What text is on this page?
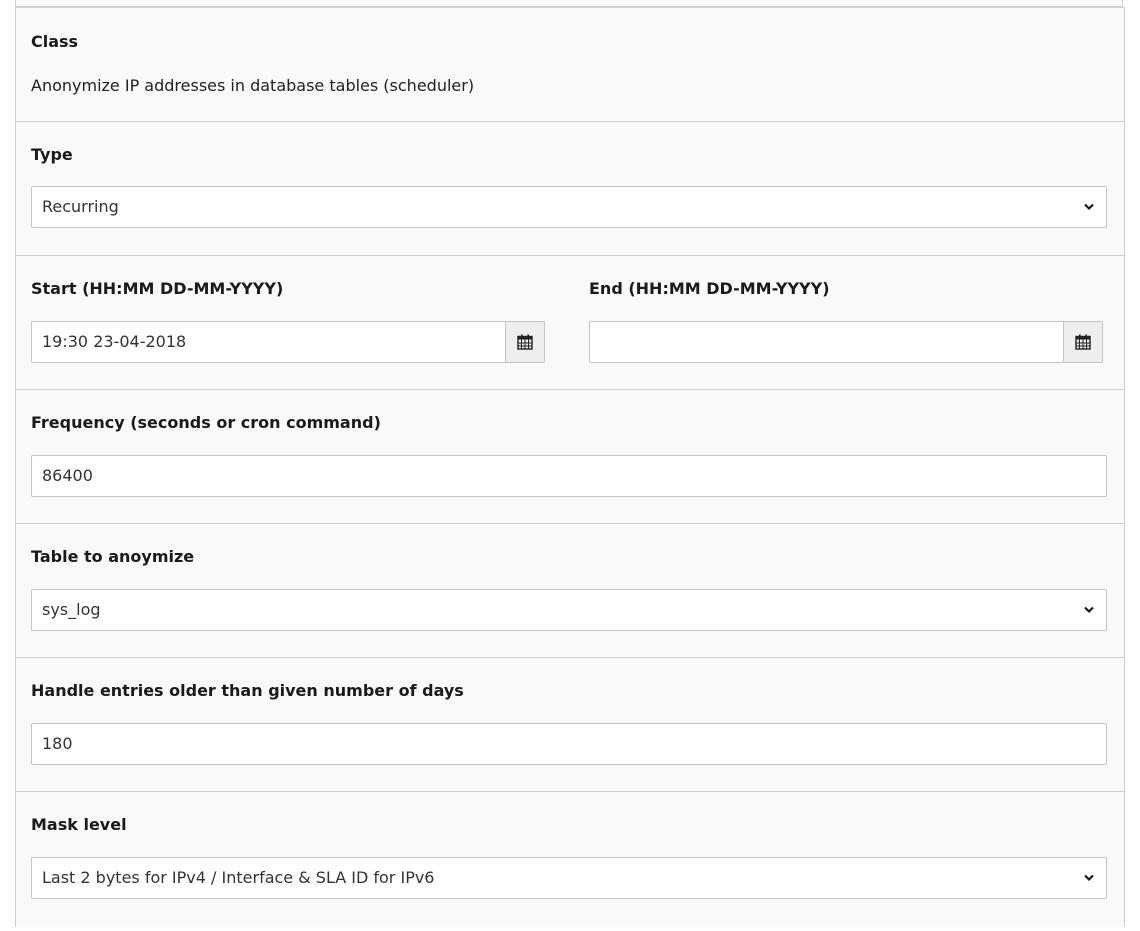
Class
Anonymize IP addresses in database tables (scheduler)
Type
Recurring
Start (HH:MM DD-MM-YYYY)	End (HH:MM DD-MM-YYYY)
19:30 23-04-2018
Frequency (seconds or cron command)
86400
Table to anoymize
sys_log
Handle entries older than given number of days
180
Mask level
Last 2 bytes for IPv4 / Interface & SLA ID for IPv6
